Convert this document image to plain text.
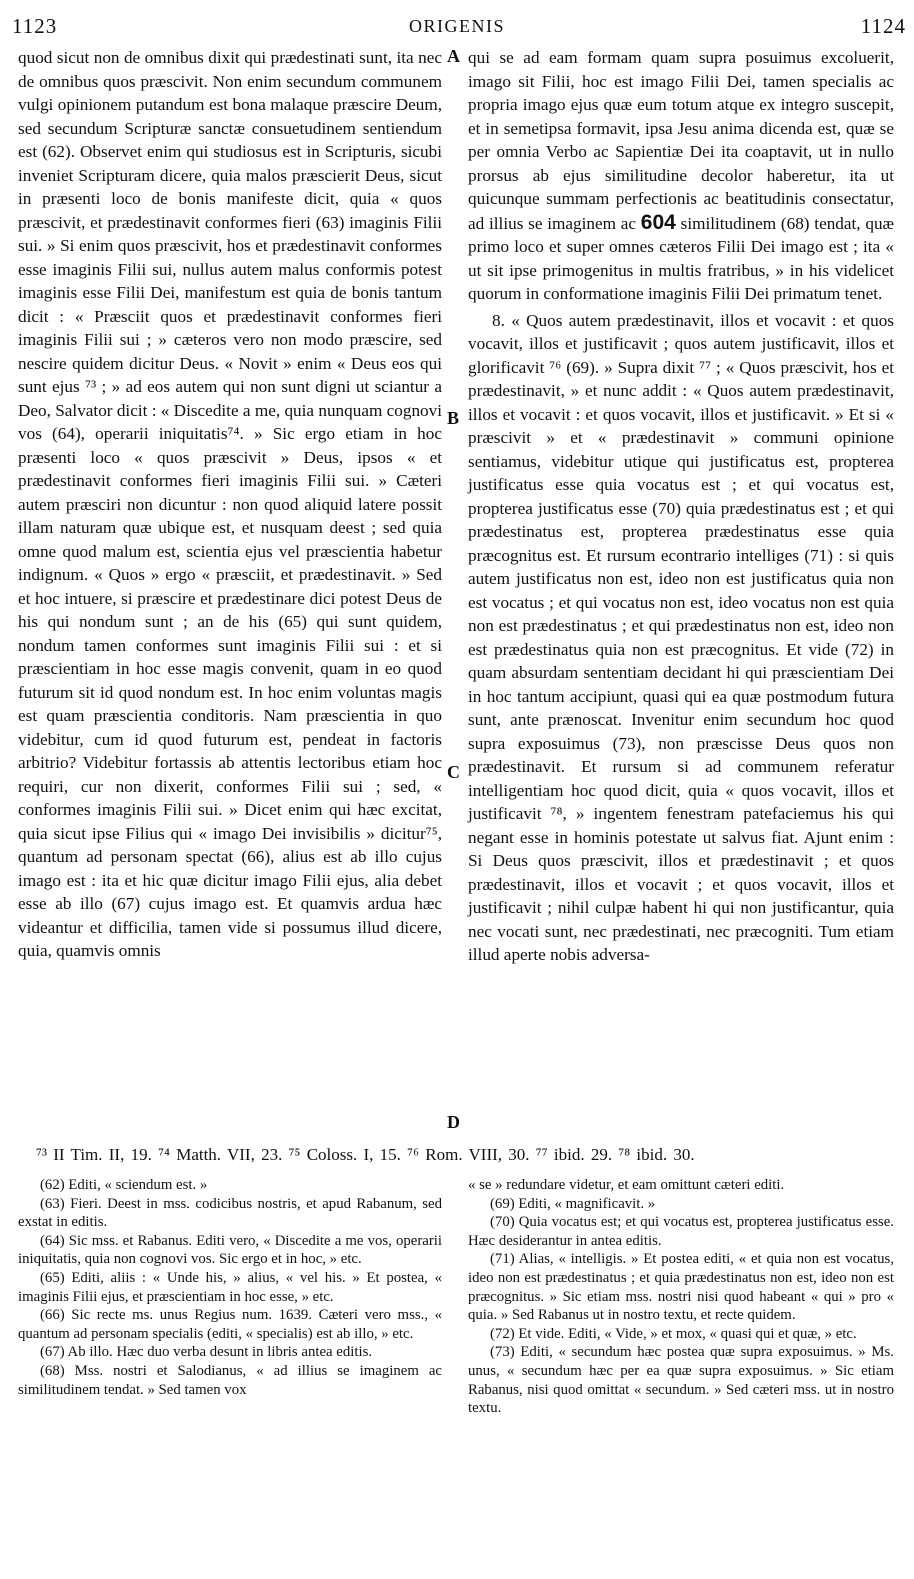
1123	ORIGENIS	1124

quod sicut non de omnibus dixit qui prædestinati sunt, ita nec de omnibus quos præscivit. Non enim secundum communem vulgi opinionem putandum est bona malaque præscire Deum, sed secundum Scripturæ sanctæ consuetudinem sentiendum est (62). Observet enim qui studiosus est in Scripturis, sicubi inveniet Scripturam dicere, quia malos præscierit Deus, sicut in præsenti loco de bonis manifeste dicit, quia « quos præscivit, et prædestinavit conformes fieri (63) imaginis Filii sui. » Si enim quos præscivit, hos et prædestinavit conformes esse imaginis Filii sui, nullus autem malus conformis potest imaginis esse Filii Dei, manifestum est quia de bonis tantum dicit : « Præsciit quos et prædestinavit conformes fieri imaginis Filii sui ; » cæteros vero non modo præscire, sed nescire quidem dicitur Deus. « Novit » enim « Deus eos qui sunt ejus ⁷³ ; » ad eos autem qui non sunt digni ut sciantur a Deo, Salvator dicit : « Discedite a me, quia nunquam cognovi vos (64), operarii iniquitatis⁷⁴. » Sic ergo etiam in hoc præsenti loco « quos præscivit » Deus, ipsos « et prædestinavit conformes fieri imaginis Filii sui. » Cæteri autem præsciri non dicuntur : non quod aliquid latere possit illam naturam quæ ubique est, et nusquam deest ; sed quia omne quod malum est, scientia ejus vel præscientia habetur indignum. « Quos » ergo « præsciit, et prædestinavit. » Sed et hoc intuere, si præscire et prædestinare dici potest Deus de his qui nondum sunt ; an de his (65) qui sunt quidem, nondum tamen conformes sunt imaginis Filii sui : et si præscientiam in hoc esse magis convenit, quam in eo quod futurum sit id quod nondum est. In hoc enim voluntas magis est quam præscientia conditoris. Nam præscientia in quo videbitur, cum id quod futurum est, pendeat in factoris arbitrio? Videbitur fortassis ab attentis lectoribus etiam hoc requiri, cur non dixerit, conformes Filii sui ; sed, « conformes imaginis Filii sui. » Dicet enim qui hæc excitat, quia sicut ipse Filius qui « imago Dei invisibilis » dicitur⁷⁵, quantum ad personam spectat (66), alius est ab illo cujus imago est : ita et hic quæ dicitur imago Filii ejus, alia debet esse ab illo (67) cujus imago est. Et quamvis ardua hæc videantur et difficilia, tamen vide si possumus illud dicere, quia, quamvis omnis

A
B
C
D

qui se ad eam formam quam supra posuimus excoluerit, imago sit Filii, hoc est imago Filii Dei, tamen specialis ac propria imago ejus quæ eum totum atque ex integro suscepit, et in semetipsa formavit, ipsa Jesu anima dicenda est, quæ se per omnia Verbo ac Sapientiæ Dei ita coaptavit, ut in nullo prorsus ab ejus similitudine decolor haberetur, ita ut quicunque summam perfectionis ac beatitudinis consectatur, ad illius se imaginem ac 604 similitudinem (68) tendat, quæ primo loco et super omnes cæteros Filii Dei imago est ; ita « ut sit ipse primogenitus in multis fratribus, » in his videlicet quorum in conformatione imaginis Filii Dei primatum tenet.

8. « Quos autem prædestinavit, illos et vocavit : et quos vocavit, illos et justificavit ; quos autem justificavit, illos et glorificavit ⁷⁶ (69). » Supra dixit ⁷⁷ ; « Quos præscivit, hos et prædestinavit, » et nunc addit : « Quos autem prædestinavit, illos et vocavit : et quos vocavit, illos et justificavit. » Et si « præscivit » et « prædestinavit » communi opinione sentiamus, videbitur utique qui justificatus est, propterea justificatus esse quia vocatus est ; et qui vocatus est, propterea justificatus esse (70) quia prædestinatus est ; et qui prædestinatus est, propterea prædestinatus esse quia præcognitus est. Et rursum econtrario intelliges (71) : si quis autem justificatus non est, ideo non est justificatus quia non est vocatus ; et qui vocatus non est, ideo vocatus non est quia non est prædestinatus ; et qui prædestinatus non est, ideo non est prædestinatus quia non est præcognitus. Et vide (72) in quam absurdam sententiam decidant hi qui præscientiam Dei in hoc tantum accipiunt, quasi qui ea quæ postmodum futura sunt, ante prænoscat. Invenitur enim secundum hoc quod supra exposuimus (73), non præscisse Deus quos non prædestinavit. Et rursum si ad communem referatur intelligentiam hoc quod dicit, quia « quos vocavit, illos et justificavit ⁷⁸, » ingentem fenestram patefaciemus his qui negant esse in hominis potestate ut salvus fiat. Ajunt enim : Si Deus quos præscivit, illos et prædestinavit ; et quos prædestinavit, illos et vocavit ; et quos vocavit, illos et justificavit ; nihil culpæ habent hi qui non justificantur, quia nec vocati sunt, nec prædestinati, nec præcogniti. Tum etiam illud aperte nobis adversa-

⁷³ II Tim. II, 19. ⁷⁴ Matth. VII, 23. ⁷⁵ Coloss. I, 15. ⁷⁶ Rom. VIII, 30. ⁷⁷ ibid. 29. ⁷⁸ ibid. 30.

(62) Editi, « sciendum est. »

(63) Fieri. Deest in mss. codicibus nostris, et apud Rabanum, sed exstat in editis.

(64) Sic mss. et Rabanus. Editi vero, « Discedite a me vos, operarii iniquitatis, quia non cognovi vos. Sic ergo et in hoc, » etc.

(65) Editi, aliis : « Unde his, » alius, « vel his. » Et postea, « imaginis Filii ejus, et præscientiam in hoc esse, » etc.

(66) Sic recte ms. unus Regius num. 1639. Cæteri vero mss., « quantum ad personam specialis (editi, « specialis) est ab illo, » etc.

(67) Ab illo. Hæc duo verba desunt in libris antea editis.

(68) Mss. nostri et Salodianus, « ad illius se imaginem ac similitudinem tendat. » Sed tamen vox

« se » redundare videtur, et eam omittunt cæteri editi.

(69) Editi, « magnificavit. »

(70) Quia vocatus est; et qui vocatus est, propterea justificatus esse. Hæc desiderantur in antea editis.

(71) Alias, « intelligis. » Et postea editi, « et quia non est vocatus, ideo non est prædestinatus ; et quia prædestinatus non est, ideo non est præcognitus. » Sic etiam mss. nostri nisi quod habeant « qui » pro « quia. » Sed Rabanus ut in nostro textu, et recte quidem.

(72) Et vide. Editi, « Vide, » et mox, « quasi qui et quæ, » etc.

(73) Editi, « secundum hæc postea quæ supra exposuimus. » Ms. unus, « secundum hæc per ea quæ supra exposuimus. » Sic etiam Rabanus, nisi quod omittat « secundum. » Sed cæteri mss. ut in nostro textu.
